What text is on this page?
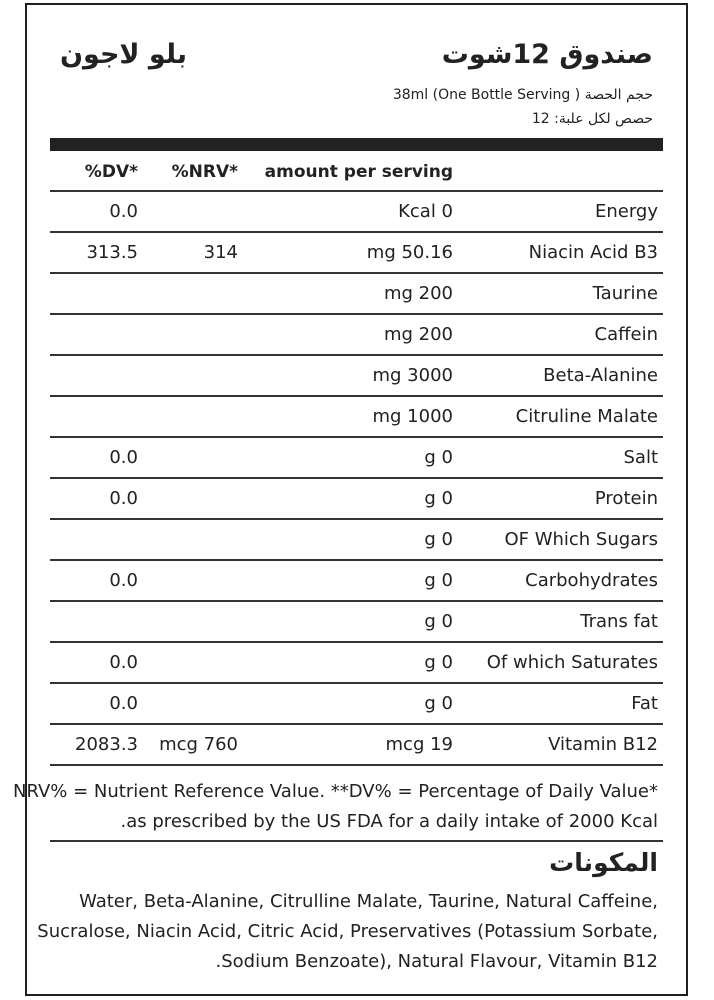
صندوق 12شوت
بلو لاجون
حجم الحصة ( 38ml (One Bottle Serving
حصص لكل علبة: 12
amount per serving
%NRV*
%DV*
Energy
Kcal 0
0.0
Niacin Acid B3
mg 50.16
314
313.5
Taurine
mg 200
Caffein
mg 200
Beta-Alanine
mg 3000
Citruline Malate
mg 1000
Salt
g 0
0.0
Protein
g 0
0.0
OF Which Sugars
g 0
Carbohydrates
g 0
0.0
Trans fat
g 0
Of which Saturates
g 0
0.0
Fat
g 0
0.0
Vitamin B12
mcg 19
mcg 760
2083.3
NRV% = Nutrient Reference Value. **DV% = Percentage of Daily Value*
.as prescribed by the US FDA for a daily intake of 2000 Kcal
المكونات
Water, Beta-Alanine, Citrulline Malate, Taurine, Natural Caffeine,
Sucralose, Niacin Acid, Citric Acid, Preservatives (Potassium Sorbate,
.Sodium Benzoate), Natural Flavour, Vitamin B12
